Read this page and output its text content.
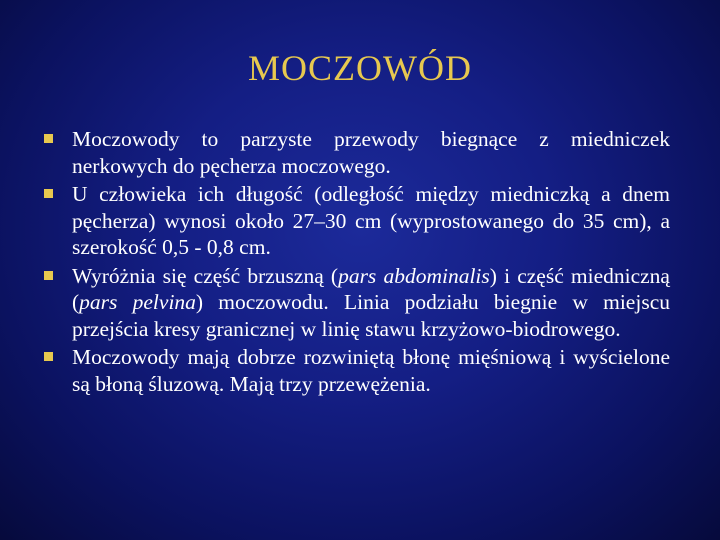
MOCZOWÓD
Moczowody to parzyste przewody biegnące z miedniczek nerkowych do pęcherza moczowego.
U człowieka ich długość (odległość między miedniczką a dnem pęcherza) wynosi około 27–30 cm (wyprostowanego do 35 cm), a szerokość 0,5 - 0,8 cm.
Wyróżnia się część brzuszną (pars abdominalis) i część miedniczną (pars pelvina) moczowodu. Linia podziału biegnie w miejscu przejścia kresy granicznej w linię stawu krzyżowo-biodrowego.
Moczowody mają dobrze rozwiniętą błonę mięśniową i wyścielone są błoną śluzową. Mają trzy przewężenia.
